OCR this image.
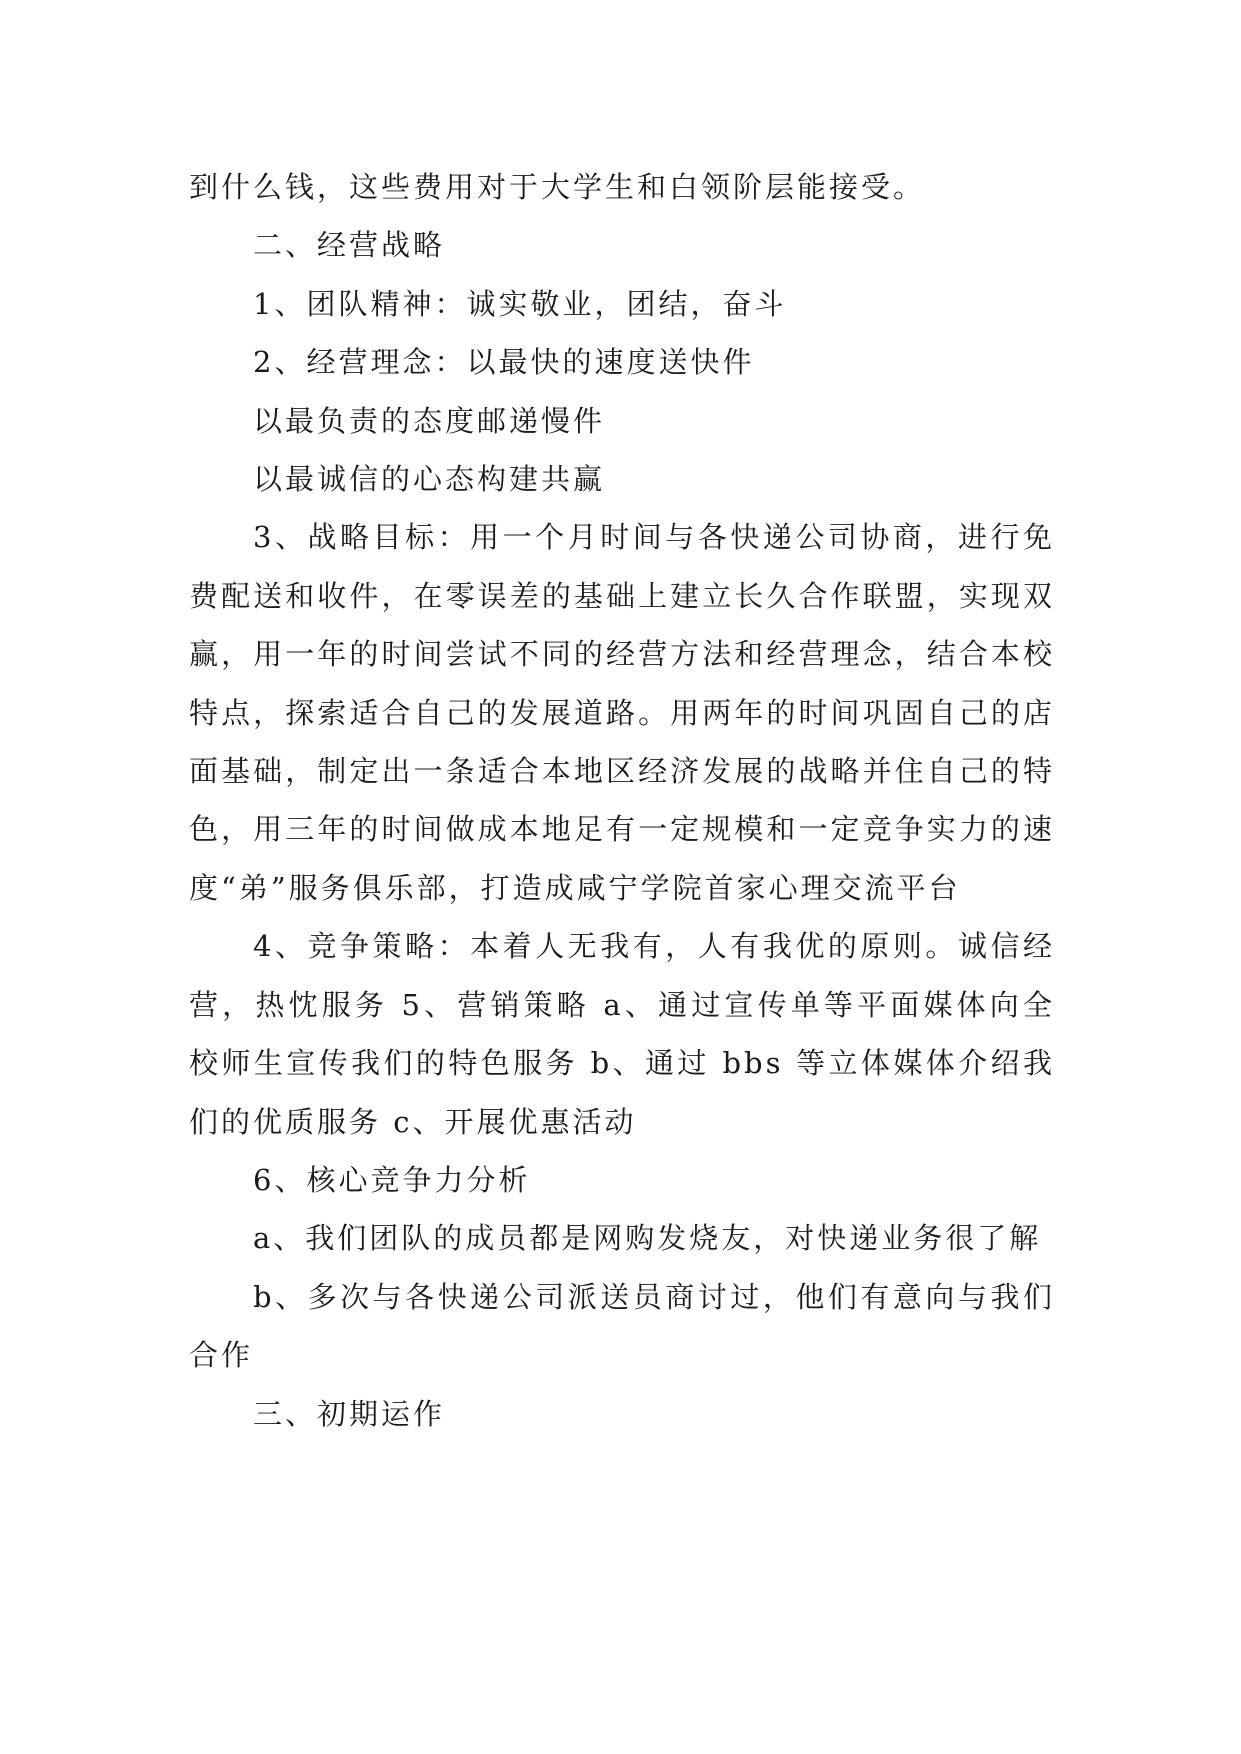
到什么钱，这些费用对于大学生和白领阶层能接受。

二、经营战略

1、团队精神：诚实敬业，团结，奋斗

2、经营理念：以最快的速度送快件

以最负责的态度邮递慢件

以最诚信的心态构建共赢

3、战略目标：用一个月时间与各快递公司协商，进行免费配送和收件，在零误差的基础上建立长久合作联盟，实现双赢，用一年的时间尝试不同的经营方法和经营理念，结合本校特点，探索适合自己的发展道路。用两年的时间巩固自己的店面基础，制定出一条适合本地区经济发展的战略并住自己的特色，用三年的时间做成本地足有一定规模和一定竞争实力的速度“弟”服务俱乐部，打造成咸宁学院首家心理交流平台

4、竞争策略：本着人无我有，人有我优的原则。诚信经营，热忱服务 5、营销策略 a、通过宣传单等平面媒体向全校师生宣传我们的特色服务 b、通过 bbs 等立体媒体介绍我们的优质服务 c、开展优惠活动

6、核心竞争力分析

a、我们团队的成员都是网购发烧友，对快递业务很了解

b、多次与各快递公司派送员商讨过，他们有意向与我们合作

三、初期运作
